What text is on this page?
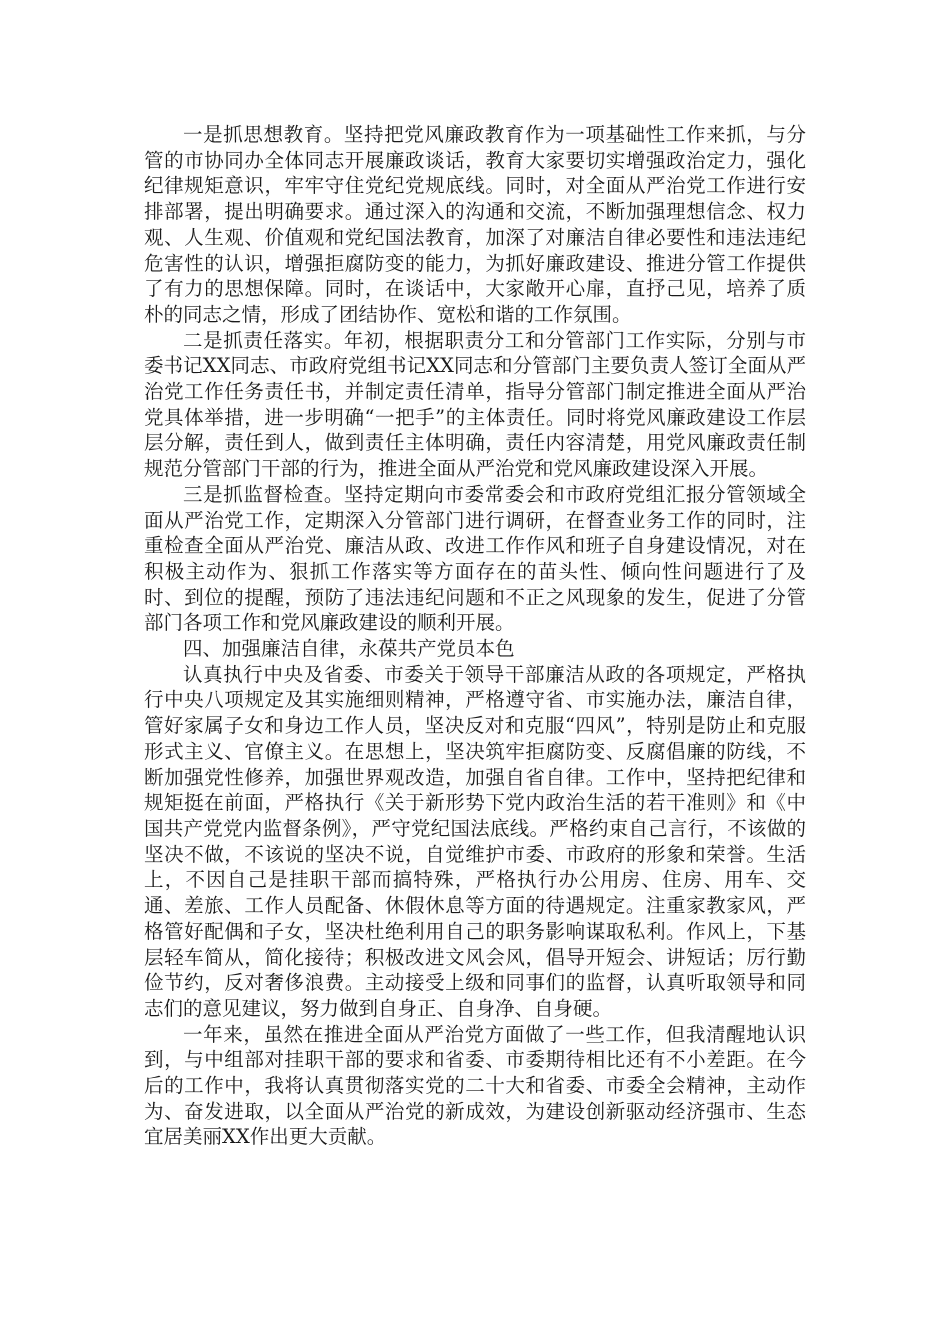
一是抓思想教育。坚持把党风廉政教育作为一项基础性工作来抓，与分管的市协同办全体同志开展廉政谈话，教育大家要切实增强政治定力，强化纪律规矩意识，牢牢守住党纪党规底线。同时，对全面从严治党工作进行安排部署，提出明确要求。通过深入的沟通和交流，不断加强理想信念、权力观、人生观、价值观和党纪国法教育，加深了对廉洁自律必要性和违法违纪危害性的认识，增强拒腐防变的能力，为抓好廉政建设、推进分管工作提供了有力的思想保障。同时，在谈话中，大家敞开心扉，直抒己见，培养了质朴的同志之情，形成了团结协作、宽松和谐的工作氛围。

二是抓责任落实。年初，根据职责分工和分管部门工作实际，分别与市委书记XX同志、市政府党组书记XX同志和分管部门主要负责人签订全面从严治党工作任务责任书，并制定责任清单，指导分管部门制定推进全面从严治党具体举措，进一步明确“一把手”的主体责任。同时将党风廉政建设工作层层分解，责任到人，做到责任主体明确，责任内容清楚，用党风廉政责任制规范分管部门干部的行为，推进全面从严治党和党风廉政建设深入开展。

三是抓监督检查。坚持定期向市委常委会和市政府党组汇报分管领域全面从严治党工作，定期深入分管部门进行调研，在督查业务工作的同时，注重检查全面从严治党、廉洁从政、改进工作作风和班子自身建设情况，对在积极主动作为、狠抓工作落实等方面存在的苗头性、倾向性问题进行了及时、到位的提醒，预防了违法违纪问题和不正之风现象的发生，促进了分管部门各项工作和党风廉政建设的顺利开展。

四、加强廉洁自律，永葆共产党员本色

认真执行中央及省委、市委关于领导干部廉洁从政的各项规定，严格执行中央八项规定及其实施细则精神，严格遵守省、市实施办法，廉洁自律，管好家属子女和身边工作人员，坚决反对和克服“四风”，特别是防止和克服形式主义、官僚主义。在思想上，坚决筑牢拒腐防变、反腐倡廉的防线，不断加强党性修养，加强世界观改造，加强自省自律。工作中，坚持把纪律和规矩挺在前面，严格执行《关于新形势下党内政治生活的若干准则》和《中国共产党党内监督条例》，严守党纪国法底线。严格约束自己言行，不该做的坚决不做，不该说的坚决不说，自觉维护市委、市政府的形象和荣誉。生活上，不因自己是挂职干部而搞特殊，严格执行办公用房、住房、用车、交通、差旅、工作人员配备、休假休息等方面的待遇规定。注重家教家风，严格管好配偶和子女，坚决杜绝利用自己的职务影响谋取私利。作风上，下基层轻车简从，简化接待；积极改进文风会风，倡导开短会、讲短话；厉行勤俭节约，反对奢侈浪费。主动接受上级和同事们的监督，认真听取领导和同志们的意见建议，努力做到自身正、自身净、自身硬。

一年来，虽然在推进全面从严治党方面做了一些工作，但我清醒地认识到，与中组部对挂职干部的要求和省委、市委期待相比还有不小差距。在今后的工作中，我将认真贯彻落实党的二十大和省委、市委全会精神，主动作为、奋发进取，以全面从严治党的新成效，为建设创新驱动经济强市、生态宜居美丽XX作出更大贡献。
